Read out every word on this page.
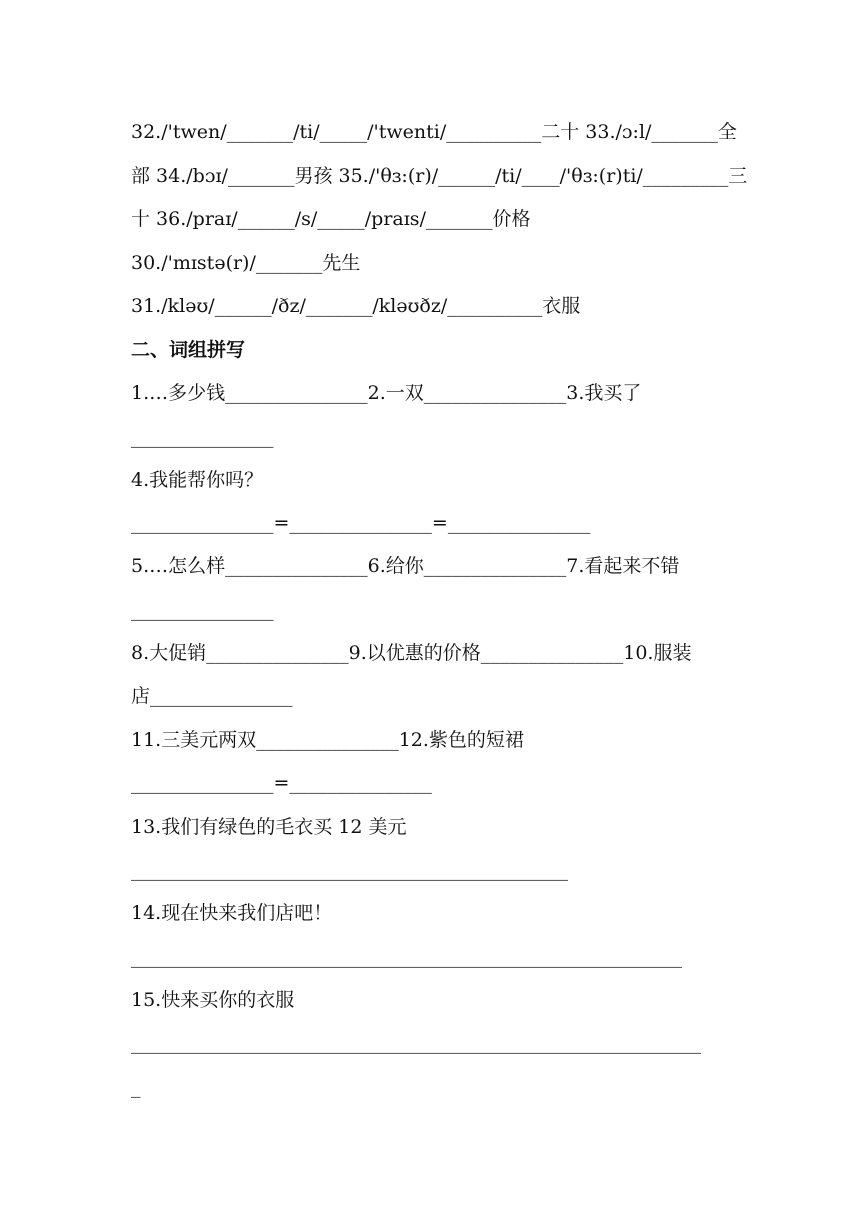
32./'twen/_______/ti/_____/'twenti/__________二十 33./ɔ:l/_______全
部 34./bɔɪ/_______男孩 35./'θɜ:(r)/______/ti/____/'θɜ:(r)ti/_________三
十 36./praɪ/______/s/_____/praɪs/_______价格
30./'mɪstə(r)/_______先生
31./kləʊ/______/ðz/_______/kləʊðz/__________衣服
二、词组拼写
1.…多少钱_______________2.一双_______________3.我买了
_______________
4.我能帮你吗？
_______________=_______________=_______________
5.…怎么样_______________6.给你_______________7.看起来不错
_______________
8.大促销_______________9.以优惠的价格_______________10.服装
店_______________
11.三美元两双_______________12.紫色的短裙
_______________=_______________
13.我们有绿色的毛衣买 12 美元
______________________________________________
14.现在快来我们店吧！
__________________________________________________________
15.快来买你的衣服
____________________________________________________________
_
